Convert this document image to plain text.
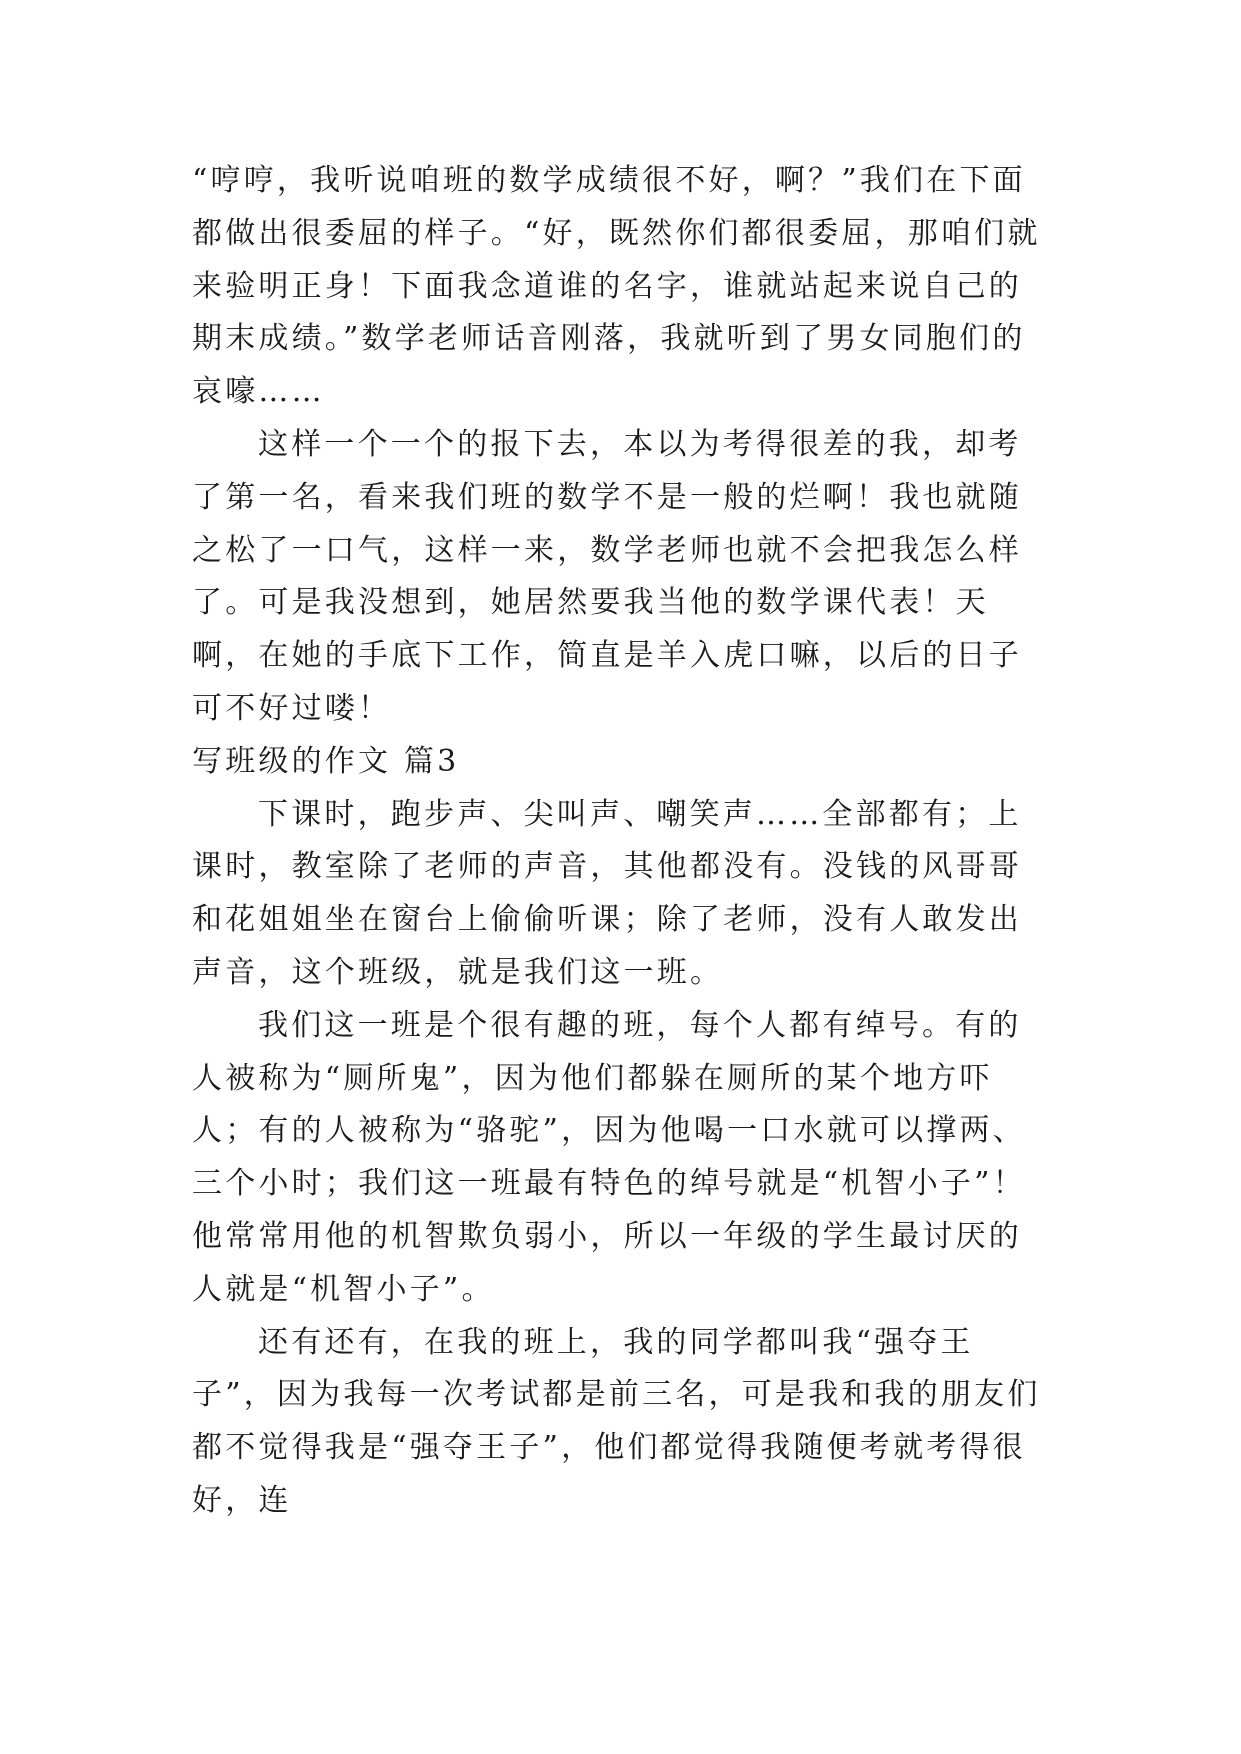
“哼哼，我听说咱班的数学成绩很不好，啊？”我们在下面都做出很委屈的样子。“好，既然你们都很委屈，那咱们就来验明正身！下面我念道谁的名字，谁就站起来说自己的期末成绩。”数学老师话音刚落，我就听到了男女同胞们的哀嚎……

这样一个一个的报下去，本以为考得很差的我，却考了第一名，看来我们班的数学不是一般的烂啊！我也就随之松了一口气，这样一来，数学老师也就不会把我怎么样了。可是我没想到，她居然要我当他的数学课代表！天啊，在她的手底下工作，简直是羊入虎口嘛，以后的日子可不好过喽！

写班级的作文 篇3

下课时，跑步声、尖叫声、嘲笑声……全部都有；上课时，教室除了老师的声音，其他都没有。没钱的风哥哥和花姐姐坐在窗台上偷偷听课；除了老师，没有人敢发出声音，这个班级，就是我们这一班。

我们这一班是个很有趣的班，每个人都有绰号。有的人被称为“厕所鬼”，因为他们都躲在厕所的某个地方吓人；有的人被称为“骆驼”，因为他喝一口水就可以撑两、三个小时；我们这一班最有特色的绰号就是“机智小子”！他常常用他的机智欺负弱小，所以一年级的学生最讨厌的人就是“机智小子”。

还有还有，在我的班上，我的同学都叫我“强夺王子”，因为我每一次考试都是前三名，可是我和我的朋友们都不觉得我是“强夺王子”，他们都觉得我随便考就考得很好，连
